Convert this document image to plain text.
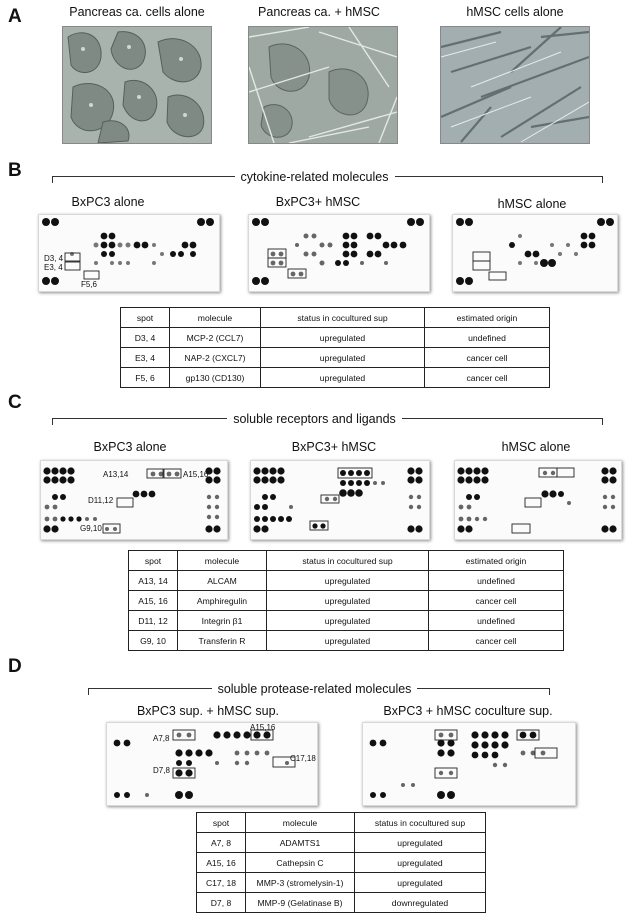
A	Pancreas ca. cells alone	Pancreas ca. + hMSC	hMSC cells alone
B	cytokine-related molecules
BxPC3 alone	BxPC3+ hMSC	hMSC alone
D3, 4
E3, 4
F5,6
spot	molecule	status in cocultured sup	estimated origin
D3, 4	MCP-2 (CCL7)	upregulated	undefined
E3, 4	NAP-2 (CXCL7)	upregulated	cancer cell
F5, 6	gp130 (CD130)	upregulated	cancer cell
C
soluble receptors and ligands
BxPC3 alone	BxPC3+ hMSC	hMSC alone
A13,14	A15,16
D11,12
G9,10
spot	molecule	status in cocultured sup	estimated origin
A13, 14	ALCAM	upregulated	undefined
A15, 16	Amphiregulin	upregulated	cancer cell
D11, 12	Integrin β1	upregulated	undefined
G9, 10	Transferin R	upregulated	cancer cell
D
soluble protease-related molecules
BxPC3 sup. + hMSC sup.	BxPC3 + hMSC coculture sup.
A7,8
A15,16
C17,18
D7,8
spot	molecule	status in cocultured sup
A7, 8	ADAMTS1	upregulated
A15, 16	Cathepsin C	upregulated
C17, 18	MMP-3 (stromelysin-1)	upregulated
D7, 8	MMP-9 (Gelatinase B)	downregulated
